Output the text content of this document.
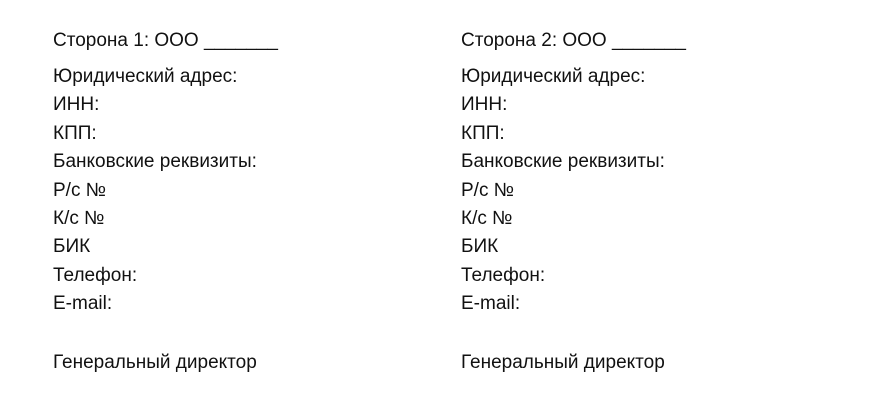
Сторона 1: ООО _______
Юридический адрес:
ИНН:
КПП:
Банковские реквизиты:
Р/с №
К/с №
БИК
Телефон:
E-mail:
Генеральный директор
Сторона 2: ООО _______
Юридический адрес:
ИНН:
КПП:
Банковские реквизиты:
Р/с №
К/с №
БИК
Телефон:
E-mail:
Генеральный директор
